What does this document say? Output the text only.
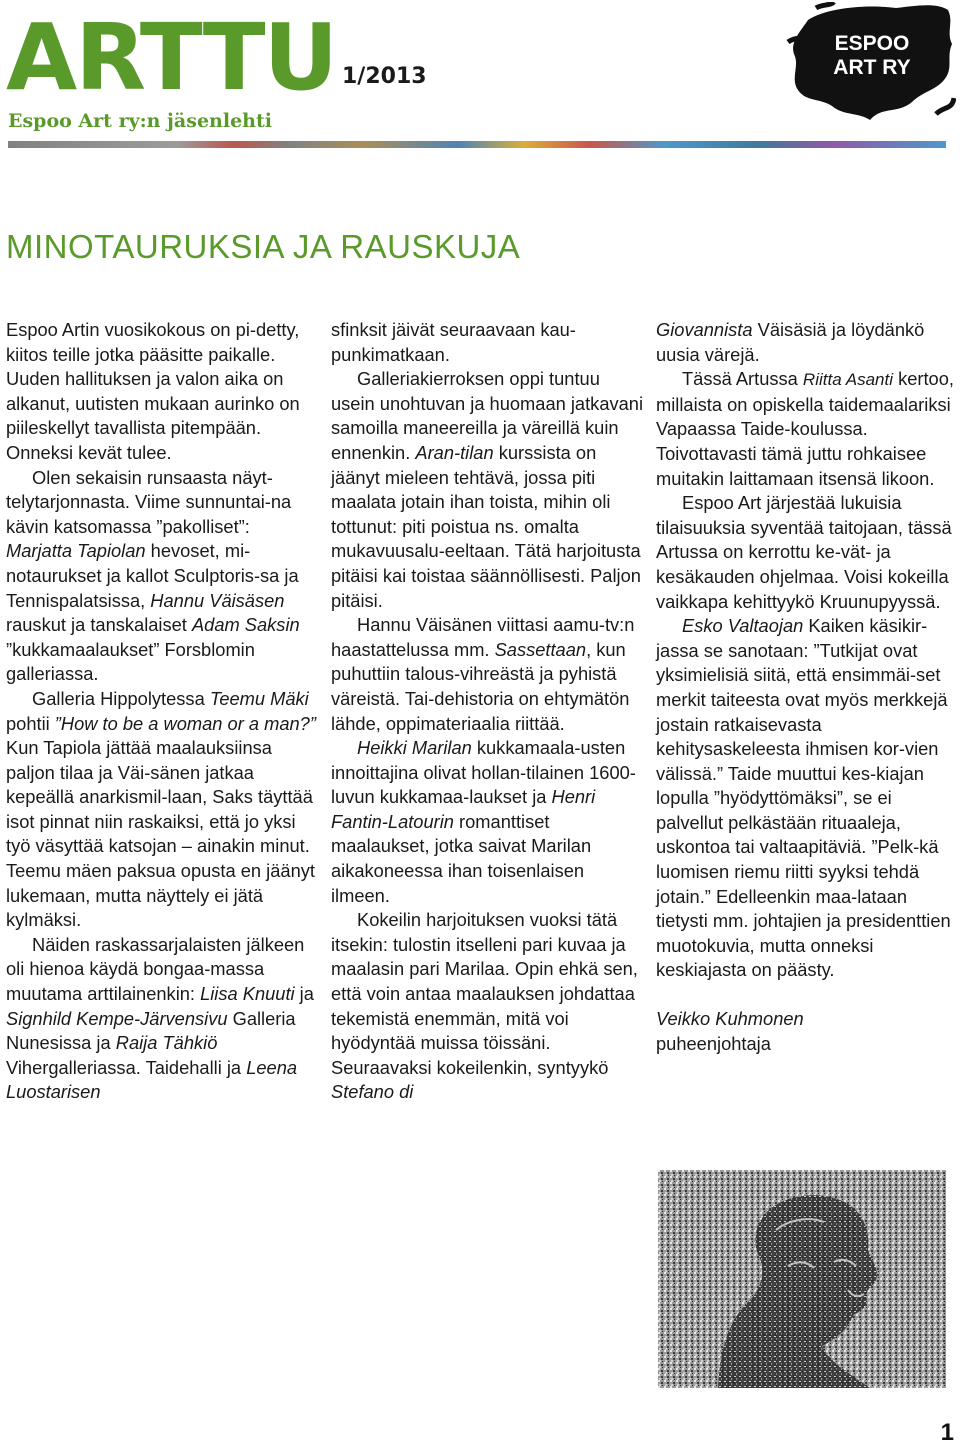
ARTTU 1/2013
Espoo Art ry:n jäsenlehti
ESPOO
ART RY
MINOTAURUKSIA JA RAUSKUJA

Espoo Artin vuosikokous on pi-detty, kiitos teille jotka pääsitte paikalle. Uuden hallituksen ja valon aika on alkanut, uutisten mukaan aurinko on piileskellyt tavallista pitempään. Onneksi kevät tulee.

Olen sekaisin runsaasta näyt-telytarjonnasta. Viime sunnuntai-na kävin katsomassa ”pakolliset”: Marjatta Tapiolan hevoset, mi-notaurukset ja kallot Sculptoris-sa ja Tennispalatsissa, Hannu Väisäsen rauskut ja tanskalaiset Adam Saksin ”kukkamaalaukset” Forsblomin galleriassa.

Galleria Hippolytessa Teemu Mäki pohtii ”How to be a woman or a man?” Kun Tapiola jättää maalauksiinsa paljon tilaa ja Väi-sänen jatkaa kepeällä anarkismil-laan, Saks täyttää isot pinnat niin raskaiksi, että jo yksi työ väsyttää katsojan – ainakin minut. Teemu mäen paksua opusta en jäänyt lukemaan, mutta näyttely ei jätä kylmäksi.

Näiden raskassarjalaisten jälkeen oli hienoa käydä bongaa-massa muutama arttilainenkin: Liisa Knuuti ja Signhild Kempe-Järvensivu Galleria Nunesissa ja Raija Tähkiö Vihergalleriassa. Taidehalli ja Leena Luostarisen

sfinksit jäivät seuraavaan kau-punkimatkaan.

Galleriakierroksen oppi tuntuu usein unohtuvan ja huomaan jatkavani samoilla maneereilla ja väreillä kuin ennenkin. Aran-tilan kurssista on jäänyt mieleen tehtävä, jossa piti maalata jotain ihan toista, mihin oli tottunut: piti poistua ns. omalta mukavuusalu-eeltaan. Tätä harjoitusta pitäisi kai toistaa säännöllisesti. Paljon pitäisi.

Hannu Väisänen viittasi aamu-tv:n haastattelussa mm. Sassettaan, kun puhuttiin talous-vihreästä ja pyhistä väreistä. Tai-dehistoria on ehtymätön lähde, oppimateriaalia riittää.

Heikki Marilan kukkamaala-usten innoittajina olivat hollan-tilainen 1600-luvun kukkamaa-laukset ja Henri Fantin-Latourin romanttiset maalaukset, jotka saivat Marilan aikakoneessa ihan toisenlaisen ilmeen.

Kokeilin harjoituksen vuoksi tätä itsekin: tulostin itselleni pari kuvaa ja maalasin pari Marilaa. Opin ehkä sen, että voin antaa maalauksen johdattaa tekemistä enemmän, mitä voi hyödyntää muissa töissäni. Seuraavaksi kokeilenkin, syntyykö Stefano di

Giovannista Väisäsiä ja löydänkö uusia värejä.

Tässä Artussa Riitta Asanti kertoo, millaista on opiskella taidemaalariksi Vapaassa Taide-koulussa. Toivottavasti tämä juttu rohkaisee muitakin laittamaan itsensä likoon.

Espoo Art järjestää lukuisia tilaisuuksia syventää taitojaan, tässä Artussa on kerrottu ke-vät- ja kesäkauden ohjelmaa. Voisi kokeilla vaikkapa kehittyykö Kruunupyyssä.

Esko Valtaojan Kaiken käsikir-jassa se sanotaan: ”Tutkijat ovat yksimielisiä siitä, että ensimmäi-set merkit taiteesta ovat myös merkkejä jostain ratkaisevasta kehitysaskeleesta ihmisen kor-vien välissä.” Taide muuttui kes-kiajan lopulla ”hyödyttömäksi”, se ei palvellut pelkästään rituaaleja, uskontoa tai valtaapitäviä. ”Pelk-kä luomisen riemu riitti syyksi tehdä jotain.” Edelleenkin maa-lataan tietysti mm. johtajien ja presidenttien muotokuvia, mutta onneksi keskiajasta on päästy.

Veikko Kuhmonen
puheenjohtaja

1
